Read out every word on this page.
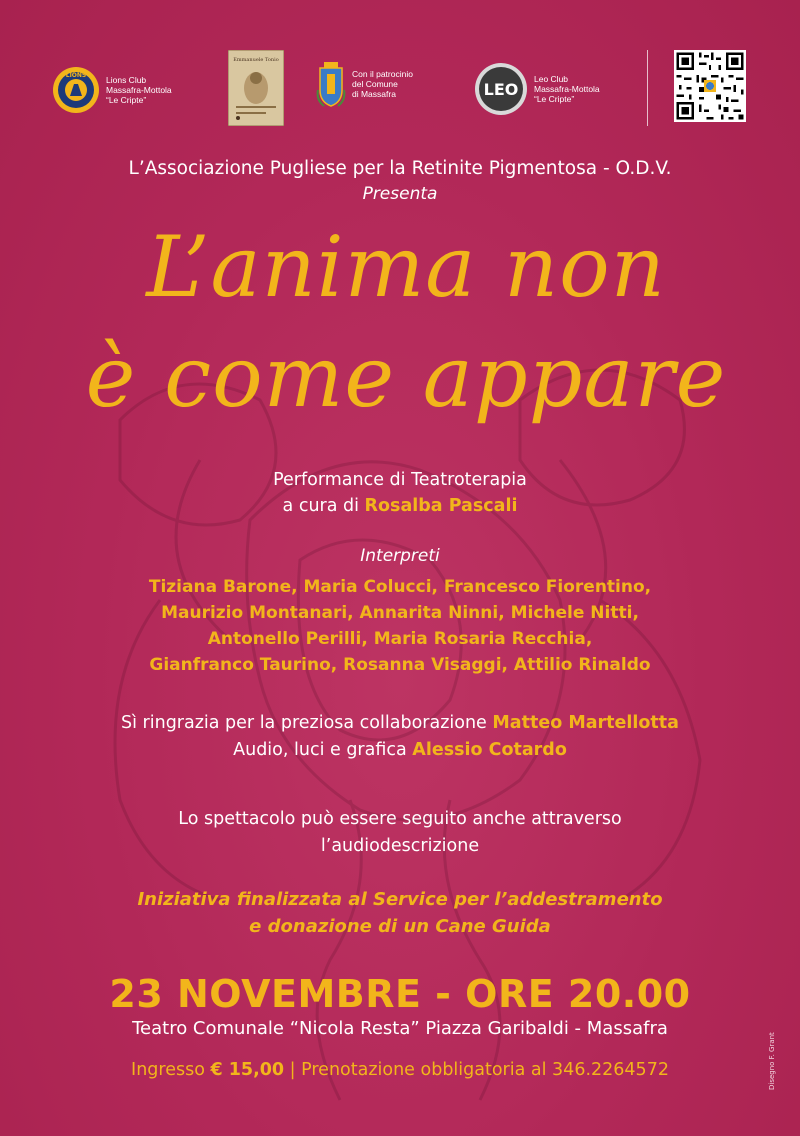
LIONS Lions Club
Massafra-Mottola
“Le Cripte”
Emmanuele Tonio
Con il patrocinio
del Comune
di Massafra	LEO
Leo Club
Massafra-Mottola
“Le Cripte”
L’Associazione Pugliese per la Retinite Pigmentosa - O.D.V.
Presenta
L’anima non
è come appare
Performance di Teatroterapia
a cura di Rosalba Pascali
Interpreti
Tiziana Barone, Maria Colucci, Francesco Fiorentino,
Maurizio Montanari, Annarita Ninni, Michele Nitti,
Antonello Perilli, Maria Rosaria Recchia,
Gianfranco Taurino, Rosanna Visaggi, Attilio Rinaldo
Sì ringrazia per la preziosa collaborazione Matteo Martellotta
Audio, luci e grafica Alessio Cotardo
Lo spettacolo può essere seguito anche attraverso
l’audiodescrizione
Iniziativa finalizzata al Service per l’addestramento
e donazione di un Cane Guida
23 NOVEMBRE - ORE 20.00
Teatro Comunale “Nicola Resta” Piazza Garibaldi - Massafra
Ingresso € 15,00 | Prenotazione obbligatoria al 346.2264572	Disegno F. Grant
